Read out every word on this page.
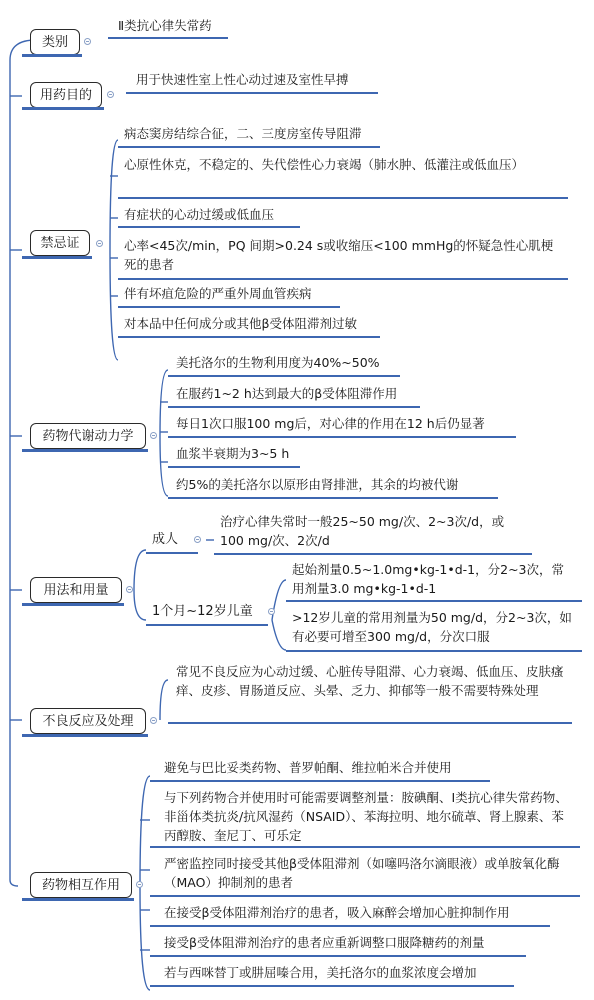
类别
Ⅱ类抗心律失常药
用药目的
用于快速性室上性心动过速及室性早搏
禁忌证
病态窦房结综合征，二、三度房室传导阻滞
心原性休克，不稳定的、失代偿性心力衰竭（肺水肿、低灌注或低血压）
有症状的心动过缓或低血压
心率<45次/min，PQ 间期>0.24 s或收缩压<100 mmHg的怀疑急性心肌梗死的患者
伴有坏疽危险的严重外周血管疾病
对本品中任何成分或其他β受体阻滞剂过敏
药物代谢动力学
美托洛尔的生物利用度为40%~50%
在服药1~2 h达到最大的β受体阻滞作用
每日1次口服100 mg后，对心律的作用在12 h后仍显著
血浆半衰期为3~5 h
约5%的美托洛尔以原形由肾排泄，其余的均被代谢
用法和用量
成人
治疗心律失常时一般25~50 mg/次、2~3次/d，或100 mg/次、2次/d
1个月~12岁儿童
起始剂量0.5~1.0mg•kg-1•d-1，分2~3次，常用剂量3.0 mg•kg-1•d-1
>12岁儿童的常用剂量为50 mg/d，分2~3次，如有必要可增至300 mg/d，分次口服
不良反应及处理
常见不良反应为心动过缓、心脏传导阻滞、心力衰竭、低血压、皮肤瘙痒、皮疹、胃肠道反应、头晕、乏力、抑郁等一般不需要特殊处理
药物相互作用
避免与巴比妥类药物、普罗帕酮、维拉帕米合并使用
与下列药物合并使用时可能需要调整剂量：胺碘酮、Ⅰ类抗心律失常药物、非甾体类抗炎/抗风湿药（NSAID）、苯海拉明、地尔硫䓬、肾上腺素、苯丙醇胺、奎尼丁、可乐定
严密监控同时接受其他β受体阻滞剂（如噻吗洛尔滴眼液）或单胺氧化酶（MAO）抑制剂的患者
在接受β受体阻滞剂治疗的患者，吸入麻醉会增加心脏抑制作用
接受β受体阻滞剂治疗的患者应重新调整口服降糖药的剂量
若与西咪替丁或肼屈嗪合用，美托洛尔的血浆浓度会增加
